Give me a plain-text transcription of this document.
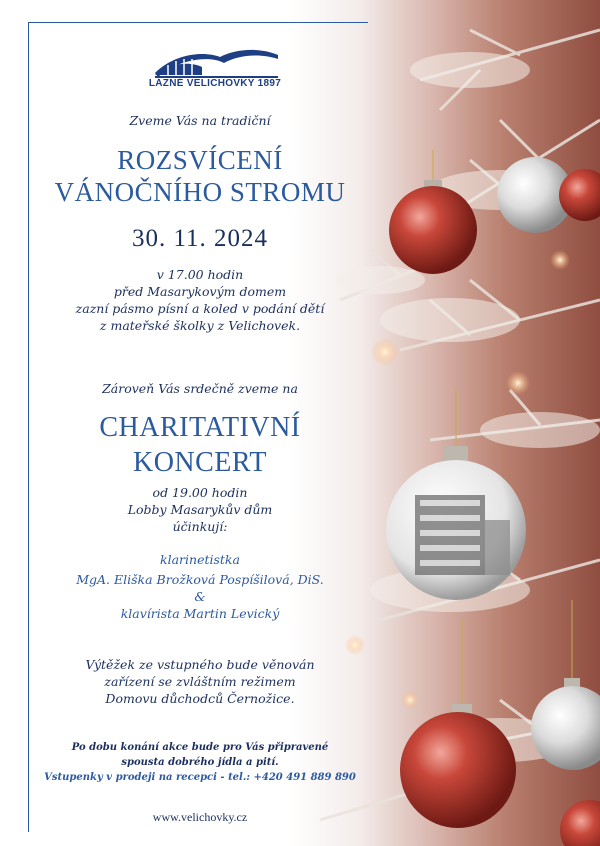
LÁZNĚ VELICHOVKY 1897
Zveme Vás na tradiční
ROZSVÍCENÍ
VÁNOČNÍHO STROMU
30. 11. 2024
v 17.00 hodin
před Masarykovým domem
zazní pásmo písní a koled v podání dětí
z mateřské školky z Velichovek.
Zároveň Vás srdečně zveme na
CHARITATIVNÍ
KONCERT
od 19.00 hodin
Lobby Masarykův dům
účinkují:
klarinetistka
MgA. Eliška Brožková Pospíšilová, DiS.
&
klavírista Martin Levický
Výtěžek ze vstupného bude věnován
zařízení se zvláštním režimem
Domovu důchodců Černožice.
Po dobu konání akce bude pro Vás připravené
spousta dobrého jídla a pití.
Vstupenky v prodeji na recepci - tel.: +420 491 889 890
www.velichovky.cz
